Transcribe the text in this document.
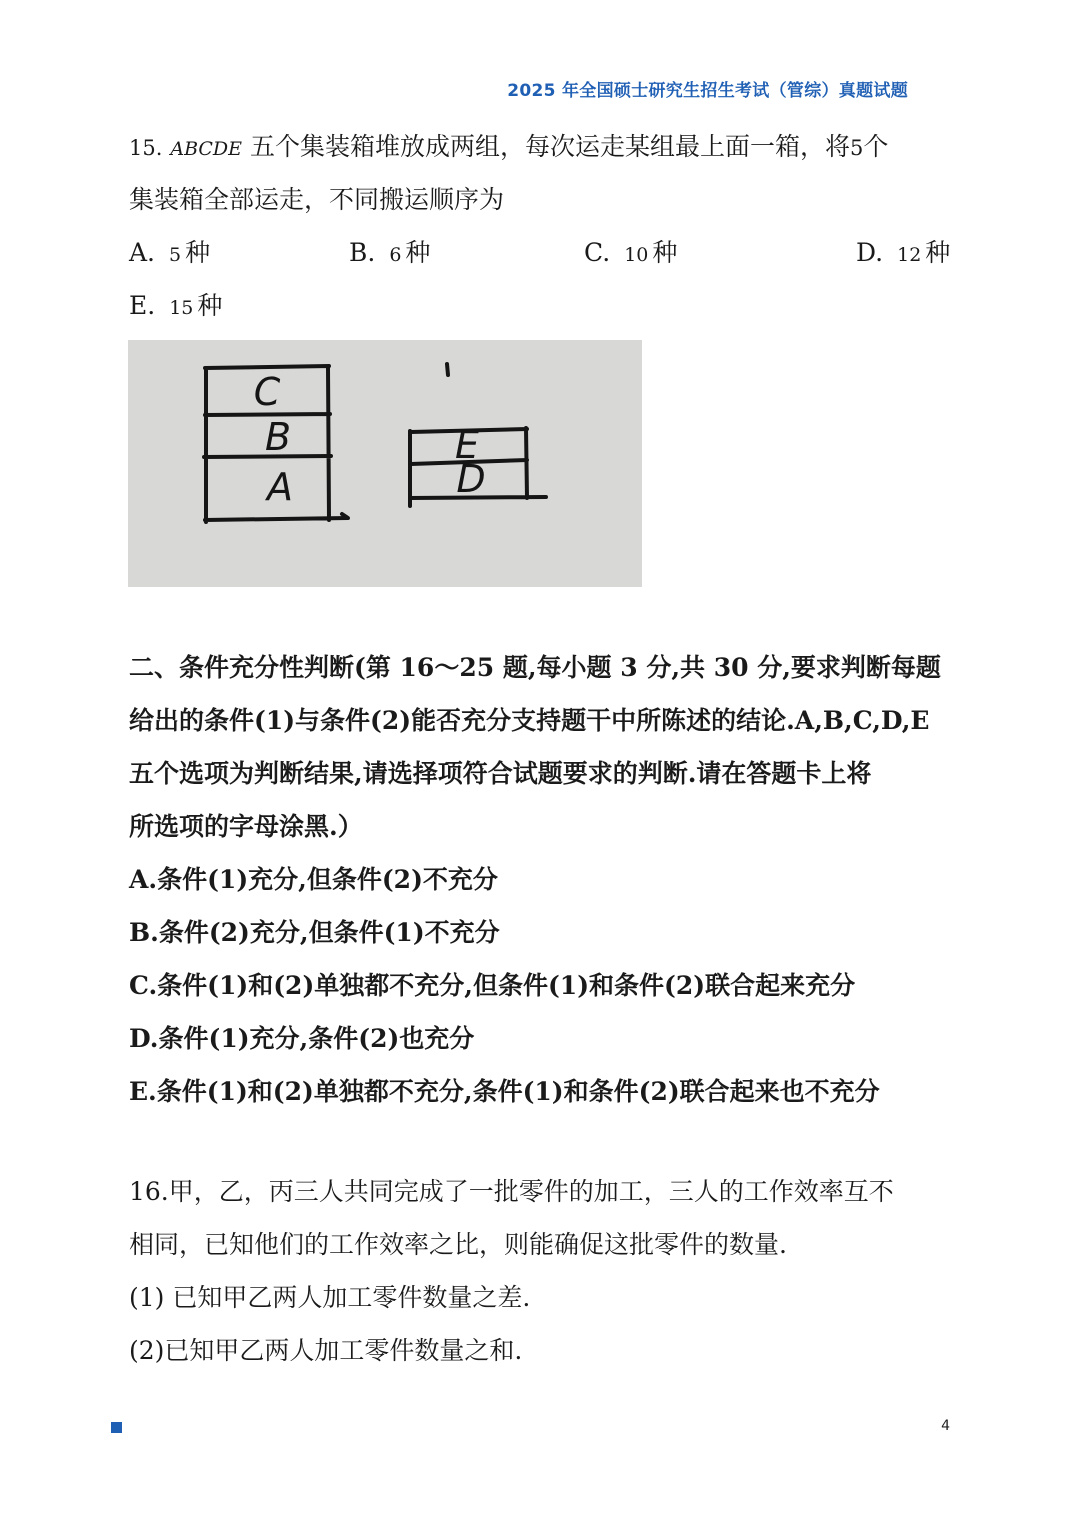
2025 年全国硕士研究生招生考试（管综）真题试题
15. ABCDE 五个集装箱堆放成两组，每次运走某组最上面一箱，将5个
集装箱全部运走，不同搬运顺序为
A. 5 种	B. 6 种	C. 10 种	D. 12 种
E. 15 种
C
B
A
E
D
二、条件充分性判断(第 16～25 题,每小题 3 分,共 30 分,要求判断每题
给出的条件(1)与条件(2)能否充分支持题干中所陈述的结论.A,B,C,D,E
五个选项为判断结果,请选择项符合试题要求的判断.请在答题卡上将
所选项的字母涂黑.）
A.条件(1)充分,但条件(2)不充分
B.条件(2)充分,但条件(1)不充分
C.条件(1)和(2)单独都不充分,但条件(1)和条件(2)联合起来充分
D.条件(1)充分,条件(2)也充分
E.条件(1)和(2)单独都不充分,条件(1)和条件(2)联合起来也不充分
16.甲，乙，丙三人共同完成了一批零件的加工，三人的工作效率互不
相同，已知他们的工作效率之比，则能确促这批零件的数量.
(1) 已知甲乙两人加工零件数量之差.
(2)已知甲乙两人加工零件数量之和.
4
